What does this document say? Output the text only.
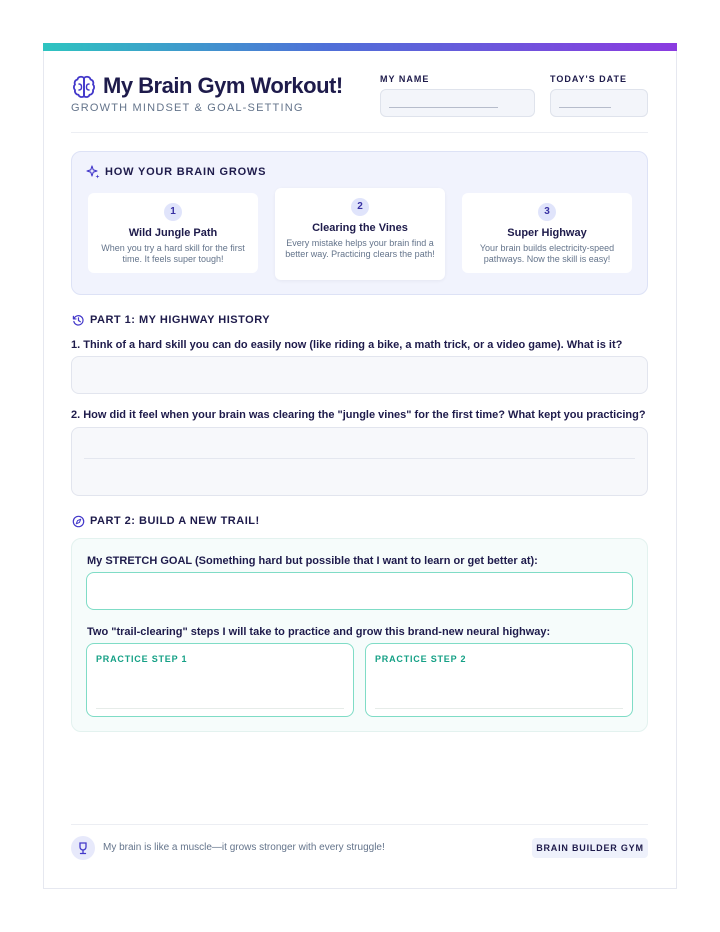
My Brain Gym Workout!
GROWTH MINDSET & GOAL-SETTING
MY NAME	TODAY'S DATE
HOW YOUR BRAIN GROWS
1
Wild Jungle Path
When you try a hard skill for the first time. It feels super tough!
2
Clearing the Vines
Every mistake helps your brain find a better way. Practicing clears the path!
3
Super Highway
Your brain builds electricity-speed pathways. Now the skill is easy!
PART 1: MY HIGHWAY HISTORY
1. Think of a hard skill you can do easily now (like riding a bike, a math trick, or a video game). What is it?
2. How did it feel when your brain was clearing the "jungle vines" for the first time? What kept you practicing?
PART 2: BUILD A NEW TRAIL!
My STRETCH GOAL (Something hard but possible that I want to learn or get better at):
Two "trail-clearing" steps I will take to practice and grow this brand-new neural highway:
PRACTICE STEP 1	PRACTICE STEP 2
My brain is like a muscle—it grows stronger with every struggle!	BRAIN BUILDER GYM
